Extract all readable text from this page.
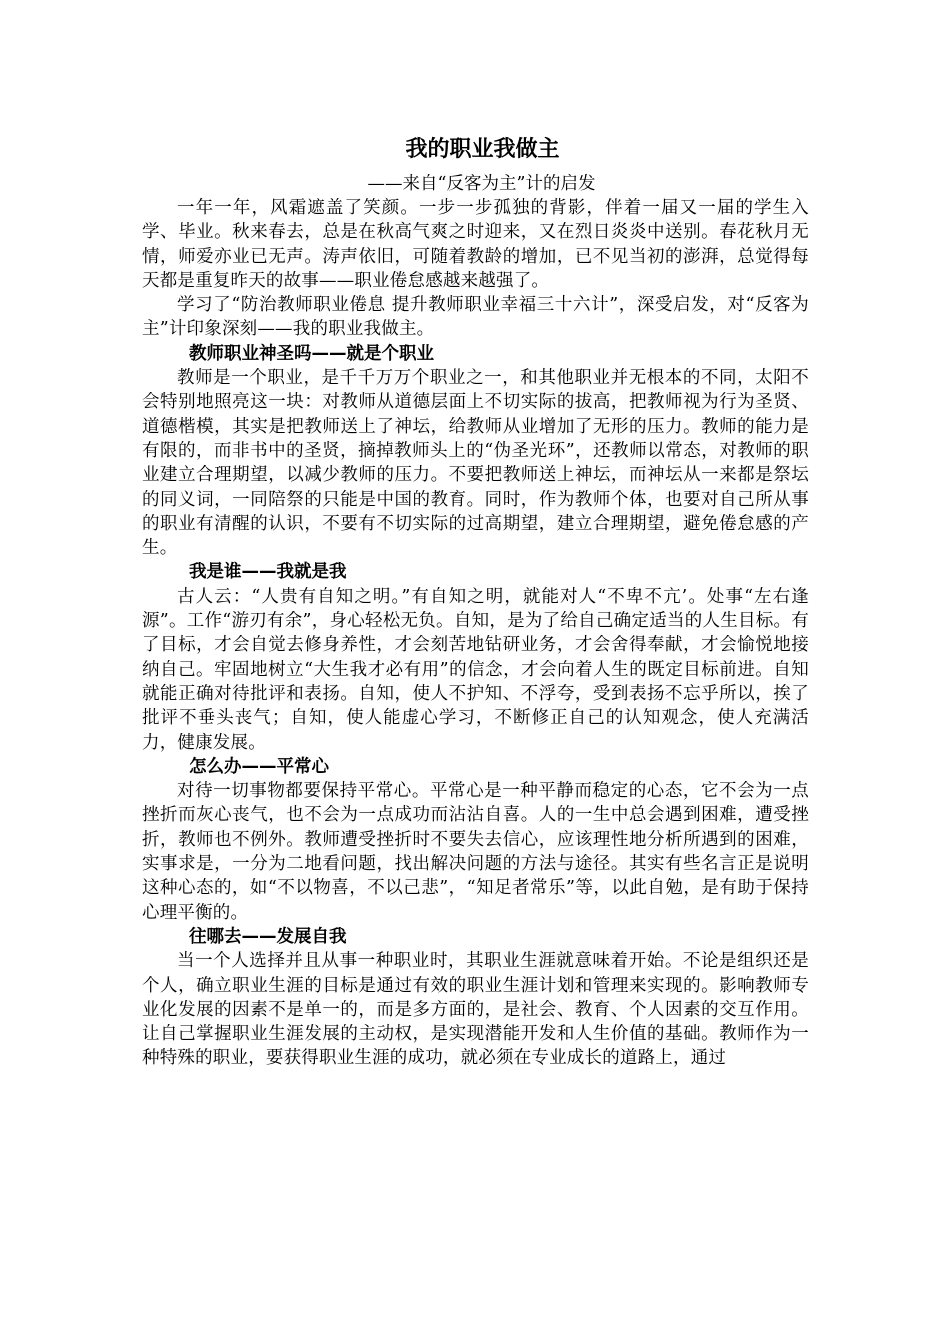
我的职业我做主

——来自“反客为主”计的启发

一年一年，风霜遮盖了笑颜。一步一步孤独的背影，伴着一届又一届的学生入学、毕业。秋来春去，总是在秋高气爽之时迎来，又在烈日炎炎中送别。春花秋月无情，师爱亦业已无声。涛声依旧，可随着教龄的增加，已不见当初的澎湃，总觉得每天都是重复昨天的故事——职业倦怠感越来越强了。

学习了“防治教师职业倦息 提升教师职业幸福三十六计”，深受启发，对“反客为主”计印象深刻——我的职业我做主。

教师职业神圣吗——就是个职业

教师是一个职业，是千千万万个职业之一，和其他职业并无根本的不同，太阳不会特别地照亮这一块：对教师从道德层面上不切实际的拔高，把教师视为行为圣贤、道德楷模，其实是把教师送上了神坛，给教师从业增加了无形的压力。教师的能力是有限的，而非书中的圣贤，摘掉教师头上的“伪圣光环”，还教师以常态，对教师的职业建立合理期望，以减少教师的压力。不要把教师送上神坛，而神坛从一来都是祭坛的同义词，一同陪祭的只能是中国的教育。同时，作为教师个体，也要对自己所从事的职业有清醒的认识，不要有不切实际的过高期望，建立合理期望，避免倦怠感的产生。

我是谁——我就是我

古人云：“人贵有自知之明。”有自知之明，就能对人“不卑不亢’。处事“左右逢源”。工作“游刃有余”，身心轻松无负。自知，是为了给自己确定适当的人生目标。有了目标，才会自觉去修身养性，才会刻苦地钻研业务，才会舍得奉献，才会愉悦地接纳自己。牢固地树立“大生我才必有用”的信念，才会向着人生的既定目标前进。自知就能正确对待批评和表扬。自知，使人不护知、不浮夸，受到表扬不忘乎所以，挨了批评不垂头丧气；自知，使人能虚心学习，不断修正自己的认知观念，使人充满活力，健康发展。

怎么办——平常心

对待一切事物都要保持平常心。平常心是一种平静而稳定的心态，它不会为一点挫折而灰心丧气，也不会为一点成功而沾沾自喜。人的一生中总会遇到困难，遭受挫折，教师也不例外。教师遭受挫折时不要失去信心，应该理性地分析所遇到的困难，实事求是，一分为二地看问题，找出解决问题的方法与途径。其实有些名言正是说明这种心态的，如“不以物喜，不以己悲”，“知足者常乐”等，以此自勉，是有助于保持心理平衡的。

往哪去——发展自我

当一个人选择并且从事一种职业时，其职业生涯就意味着开始。不论是组织还是个人，确立职业生涯的目标是通过有效的职业生涯计划和管理来实现的。影响教师专业化发展的因素不是单一的，而是多方面的，是社会、教育、个人因素的交互作用。让自己掌握职业生涯发展的主动权，是实现潜能开发和人生价值的基础。教师作为一种特殊的职业，要获得职业生涯的成功，就必须在专业成长的道路上，通过
